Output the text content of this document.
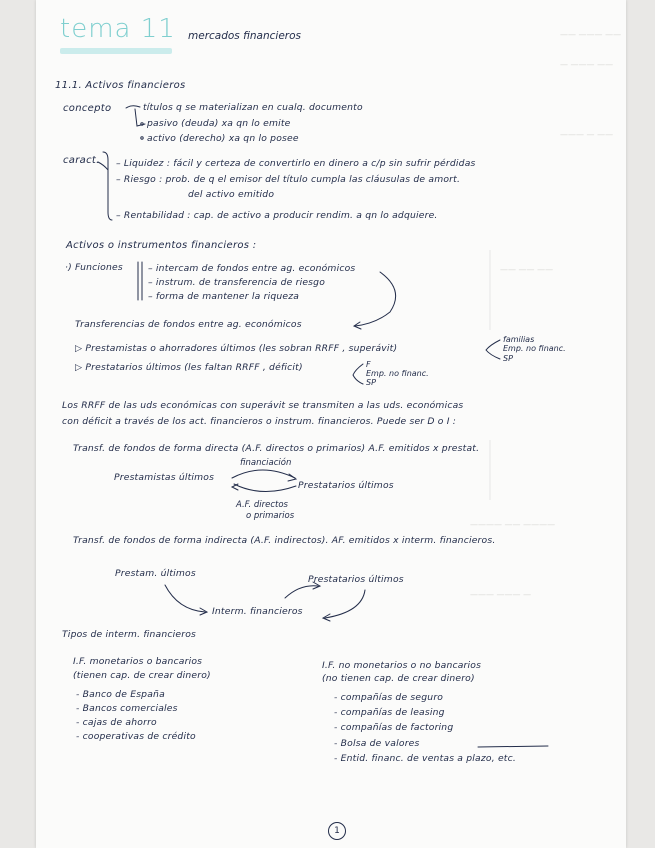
—— ——— ——
— ——— ——
——— — ——
—— —— ——
———— —— ————
——— ——— —
tema 11 mercados financieros
11.1. Activos financieros
concepto	títulos q se materializan en cualq. documento
pasivo (deuda) xa qn lo emite
activo (derecho) xa qn lo posee
caract. – Liquidez : fácil y certeza de convertirlo en dinero a c/p sin sufrir pérdidas
– Riesgo : prob. de q el emisor del título cumpla las cláusulas de amort.
del activo emitido
– Rentabilidad : cap. de activo a producir rendim. a qn lo adquiere.
Activos o instrumentos financieros :
·) Funciones	– intercam de fondos entre ag. económicos
– instrum. de transferencia de riesgo
– forma de mantener la riqueza
Transferencias de fondos entre ag. económicos
▷ Prestamistas o ahorradores últimos (les sobran RRFF , superávit)
familias
Emp. no financ.
SP
▷ Prestatarios últimos (les faltan RRFF , déficit)	F
Emp. no financ.
SP
Los RRFF de las uds económicas con superávit se transmiten a las uds. económicas
con déficit a través de los act. financieros o instrum. financieros. Puede ser D o I :
Transf. de fondos de forma directa (A.F. directos o primarios) A.F. emitidos x prestat.
financiación
Prestamistas últimos
Prestatarios últimos
A.F. directos
o primarios
Transf. de fondos de forma indirecta (A.F. indirectos). AF. emitidos x interm. financieros.
Prestam. últimos
Prestatarios últimos
Interm. financieros
Tipos de interm. financieros
I.F. monetarios o bancarios
(tienen cap. de crear dinero)
- Banco de España
- Bancos comerciales
- cajas de ahorro
- cooperativas de crédito
I.F. no monetarios o no bancarios
(no tienen cap. de crear dinero)
- compañías de seguro
- compañías de leasing
- compañías de factoring
- Bolsa de valores
- Entid. financ. de ventas a plazo, etc.
1
